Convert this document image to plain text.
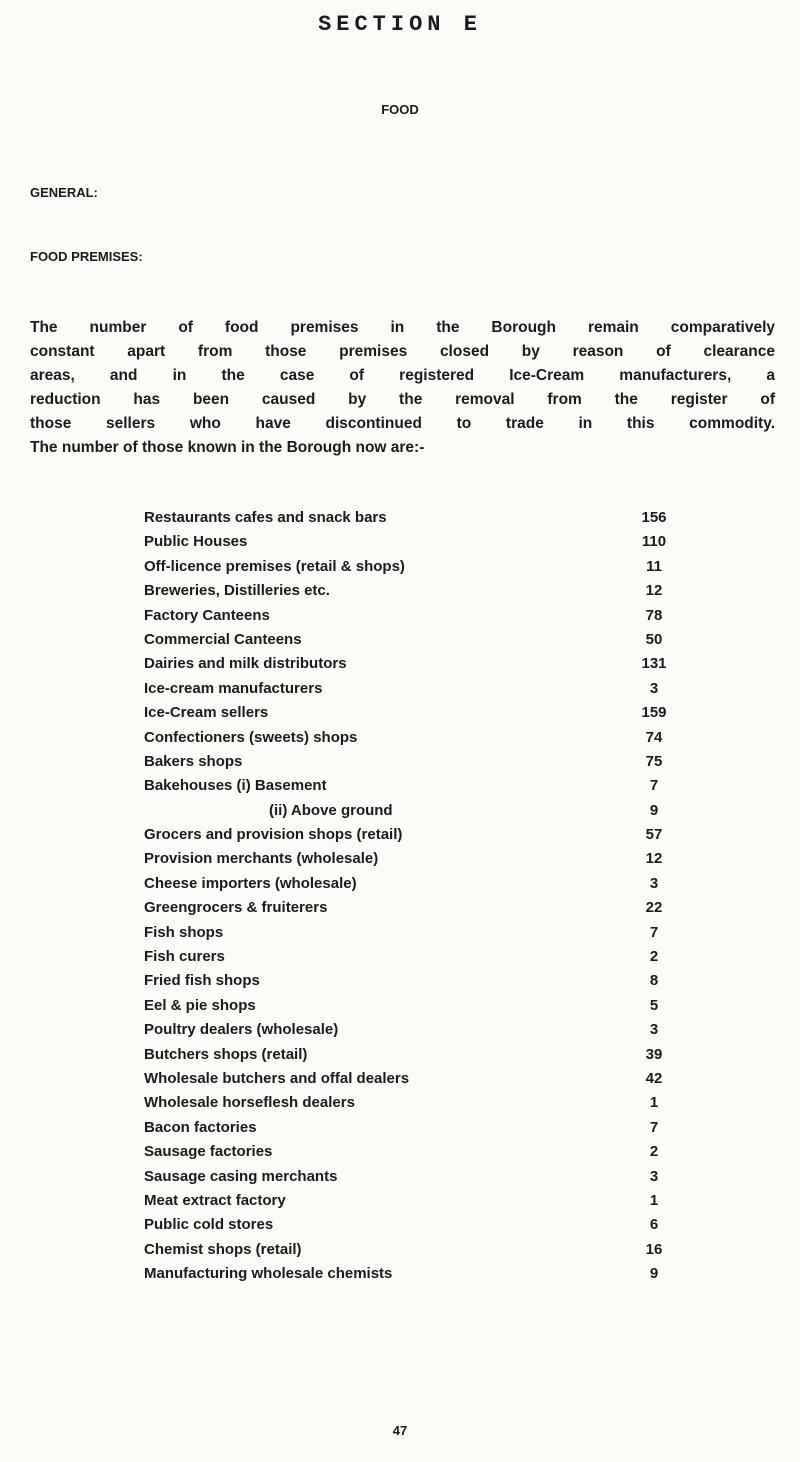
SECTION E
FOOD
GENERAL:
FOOD PREMISES:

The number of food premises in the Borough remain comparatively
constant apart from those premises closed by reason of clearance
areas, and in the case of registered Ice-Cream manufacturers, a
reduction has been caused by the removal from the register of
those sellers who have discontinued to trade in this commodity.
The number of those known in the Borough now are:-

Restaurants cafes and snack bars	156
Public Houses	110
Off-licence premises (retail & shops)	11
Breweries, Distilleries etc.	12
Factory Canteens	78
Commercial Canteens	50
Dairies and milk distributors	131
Ice-cream manufacturers	3
Ice-Cream sellers	159
Confectioners (sweets) shops	74
Bakers shops	75
Bakehouses (i) Basement	7
(ii) Above ground	9
Grocers and provision shops (retail)	57
Provision merchants (wholesale)	12
Cheese importers (wholesale)	3
Greengrocers & fruiterers	22
Fish shops	7
Fish curers	2
Fried fish shops	8
Eel & pie shops	5
Poultry dealers (wholesale)	3
Butchers shops (retail)	39
Wholesale butchers and offal dealers	42
Wholesale horseflesh dealers	1
Bacon factories	7
Sausage factories	2
Sausage casing merchants	3
Meat extract factory	1
Public cold stores	6
Chemist shops (retail)	16
Manufacturing wholesale chemists	9
47
